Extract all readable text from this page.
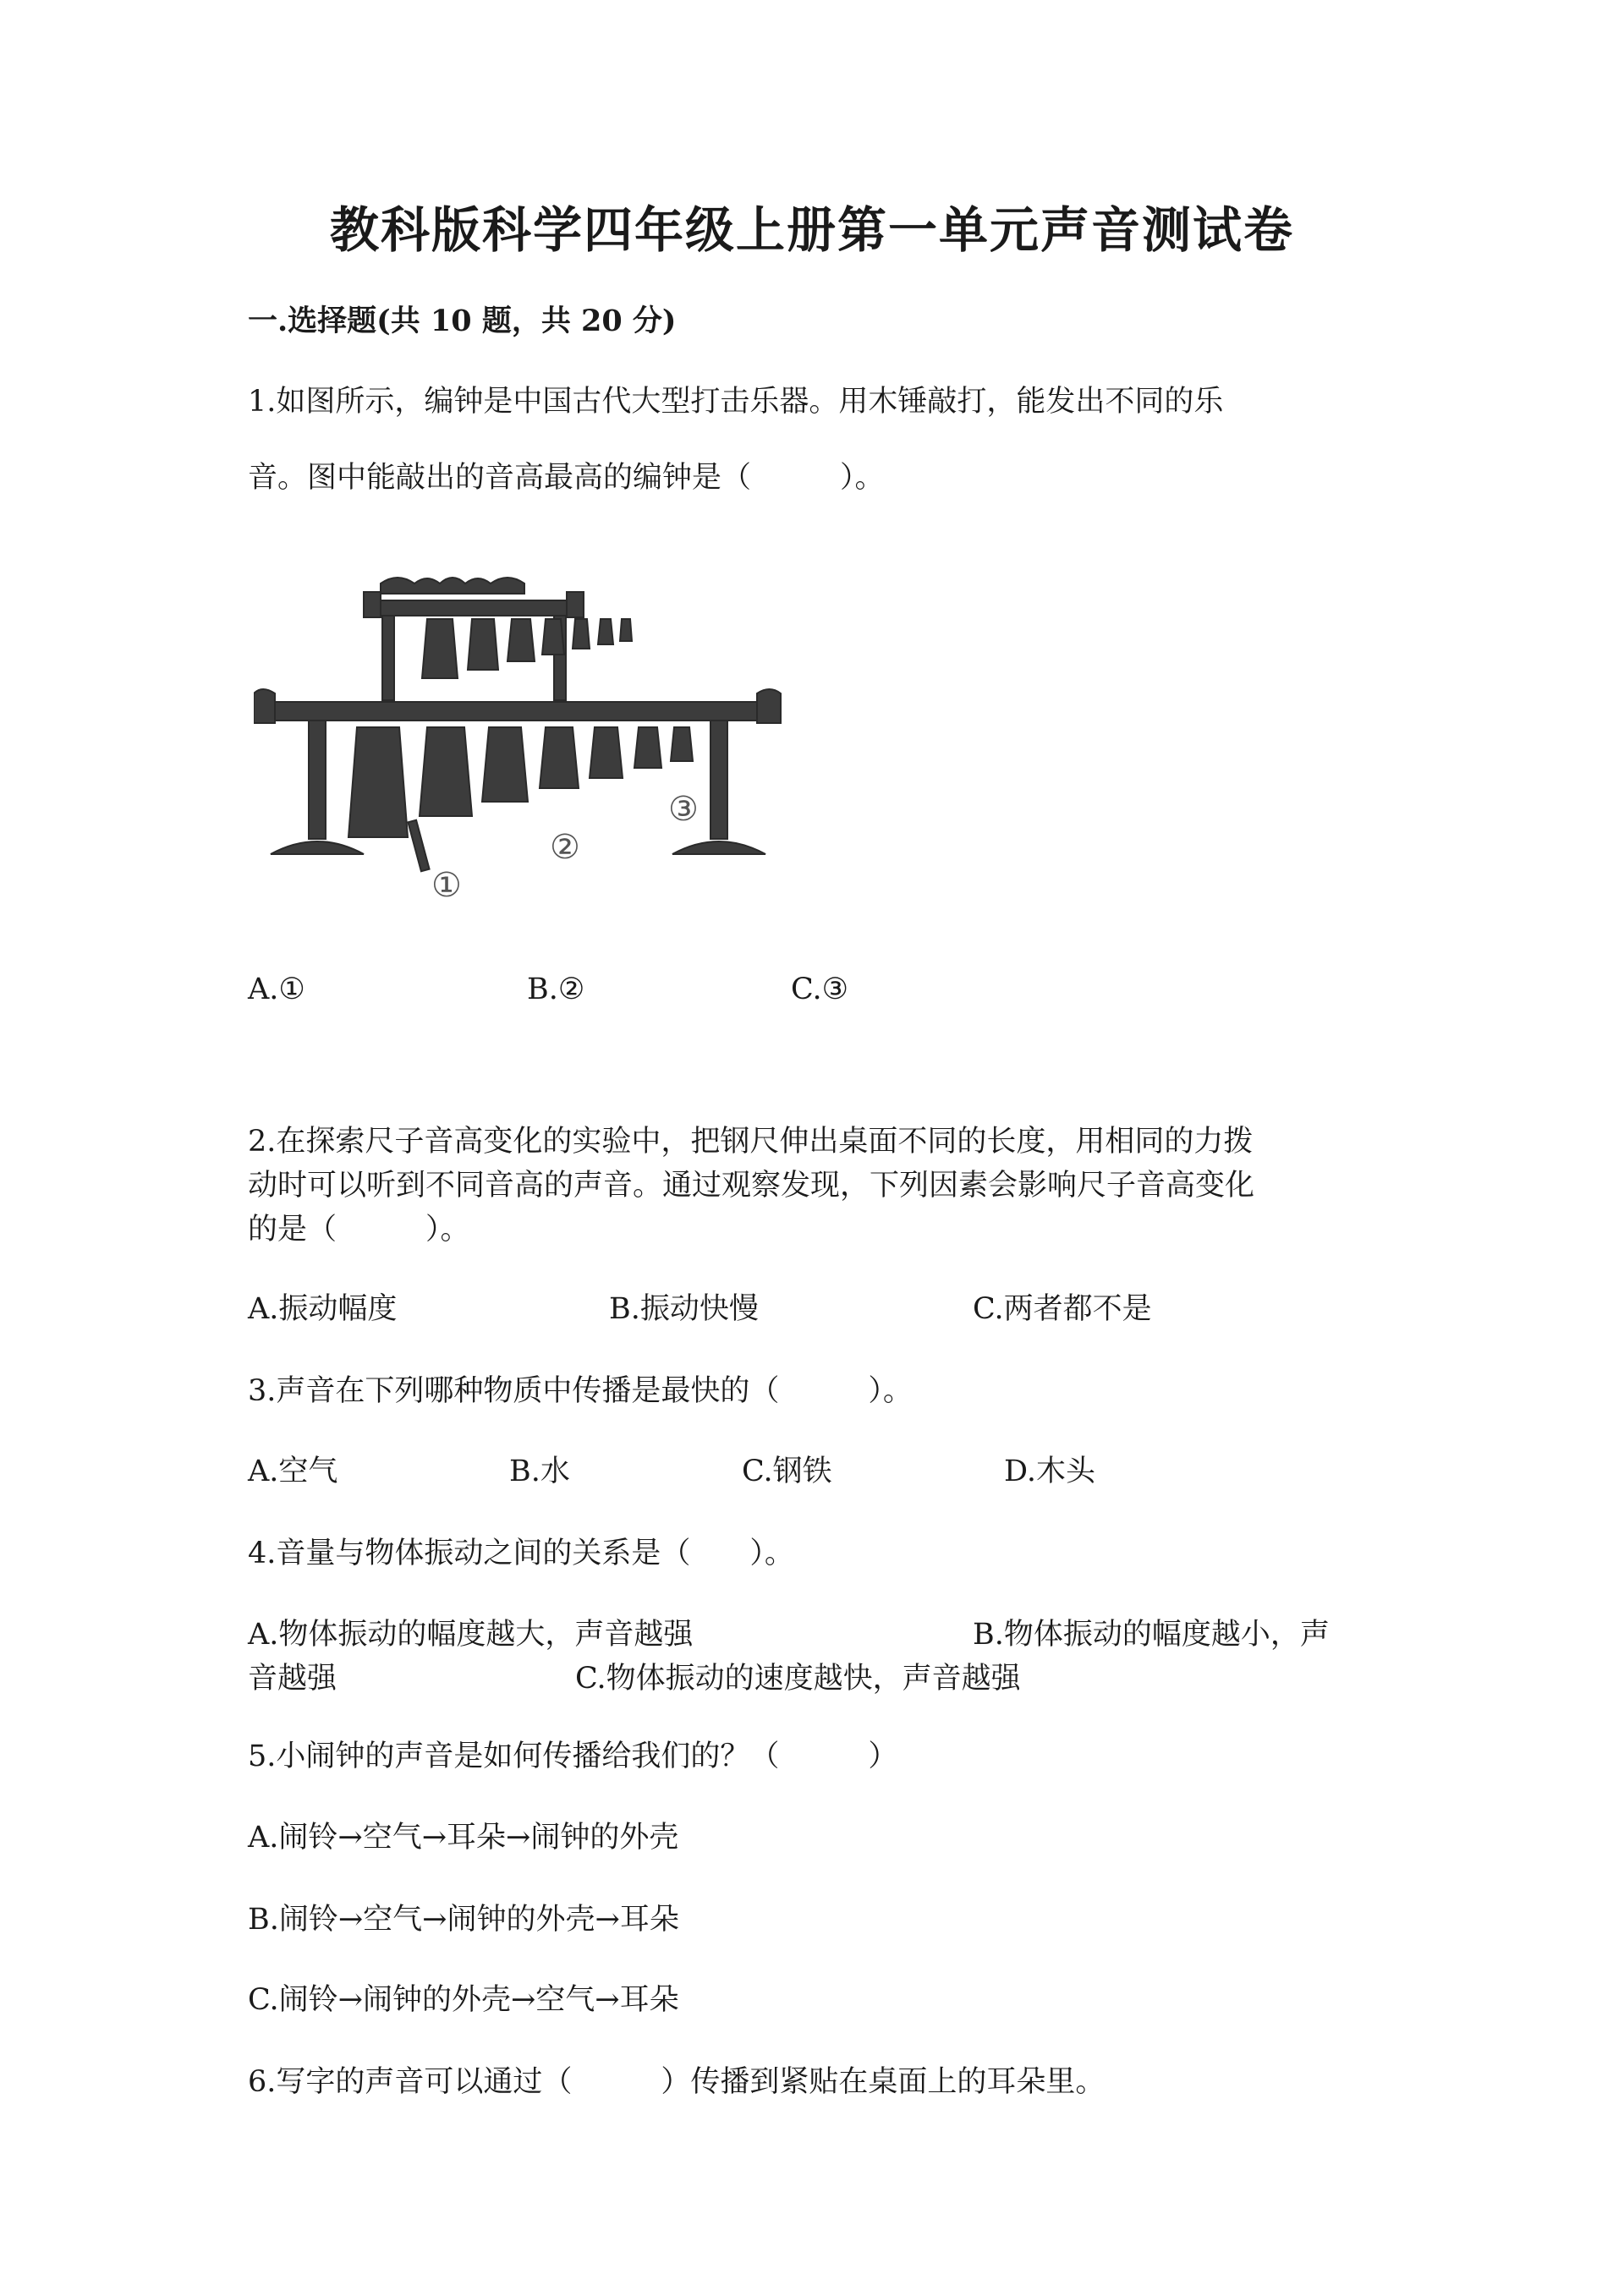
教科版科学四年级上册第一单元声音测试卷
一.选择题(共 10 题，共 20 分)
1.如图所示，编钟是中国古代大型打击乐器。用木锤敲打，能发出不同的乐
音。图中能敲出的音高最高的编钟是（　　　）。
①
②
③
A.①	B.②	C.③
2.在探索尺子音高变化的实验中，把钢尺伸出桌面不同的长度，用相同的力拨
动时可以听到不同音高的声音。通过观察发现，下列因素会影响尺子音高变化
的是（　　　）。
A.振动幅度	B.振动快慢	C.两者都不是
3.声音在下列哪种物质中传播是最快的（　　　）。
A.空气	B.水	C.钢铁	D.木头
4.音量与物体振动之间的关系是（　　）。
A.物体振动的幅度越大，声音越强	B.物体振动的幅度越小，声
音越强	C.物体振动的速度越快，声音越强
5.小闹钟的声音是如何传播给我们的？（　　　）
A.闹铃→空气→耳朵→闹钟的外壳
B.闹铃→空气→闹钟的外壳→耳朵
C.闹铃→闹钟的外壳→空气→耳朵
6.写字的声音可以通过（　　　）传播到紧贴在桌面上的耳朵里。
